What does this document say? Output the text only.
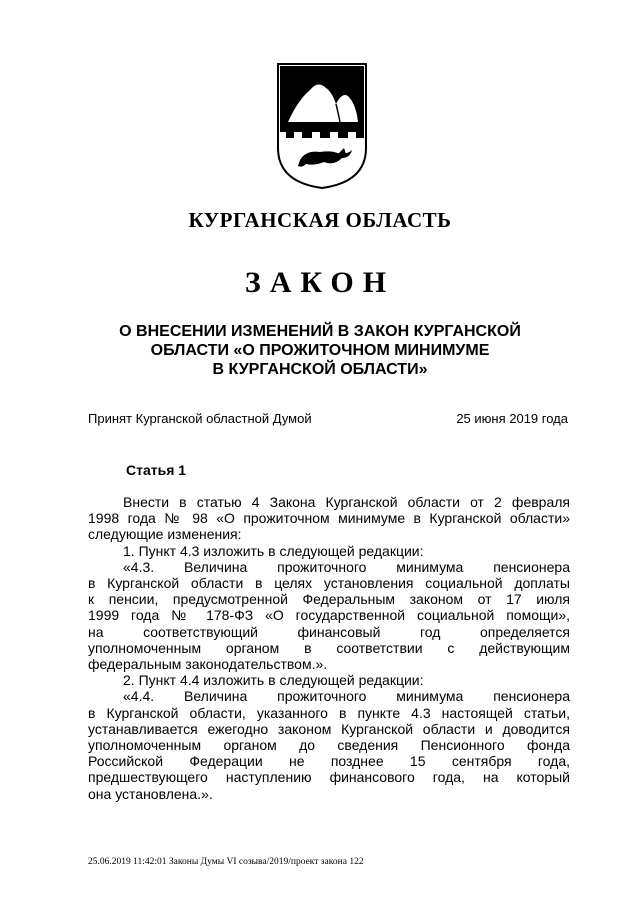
КУРГАНСКАЯ ОБЛАСТЬ
ЗАКОН
О ВНЕСЕНИИ ИЗМЕНЕНИЙ В ЗАКОН КУРГАНСКОЙ
ОБЛАСТИ «О ПРОЖИТОЧНОМ МИНИМУМЕ
В КУРГАНСКОЙ ОБЛАСТИ»
Принят Курганской областной Думой	25 июня 2019 года
Статья 1
Внести в статью 4 Закона Курганской области от 2 февраля
1998 года № 98 «О прожиточном минимуме в Курганской области»
следующие изменения:
1. Пункт 4.3 изложить в следующей редакции:
«4.3. Величина прожиточного минимума пенсионера
в Курганской области в целях установления социальной доплаты
к пенсии, предусмотренной Федеральным законом от 17 июля
1999 года № 178-ФЗ «О государственной социальной помощи»,
на соответствующий финансовый год определяется
уполномоченным органом в соответствии с действующим
федеральным законодательством.».
2. Пункт 4.4 изложить в следующей редакции:
«4.4. Величина прожиточного минимума пенсионера
в Курганской области, указанного в пункте 4.3 настоящей статьи,
устанавливается ежегодно законом Курганской области и доводится
уполномоченным органом до сведения Пенсионного фонда
Российской Федерации не позднее 15 сентября года,
предшествующего наступлению финансового года, на который
она установлена.».
25.06.2019 11:42:01 Законы Думы VI созыва/2019/проект закона 122
